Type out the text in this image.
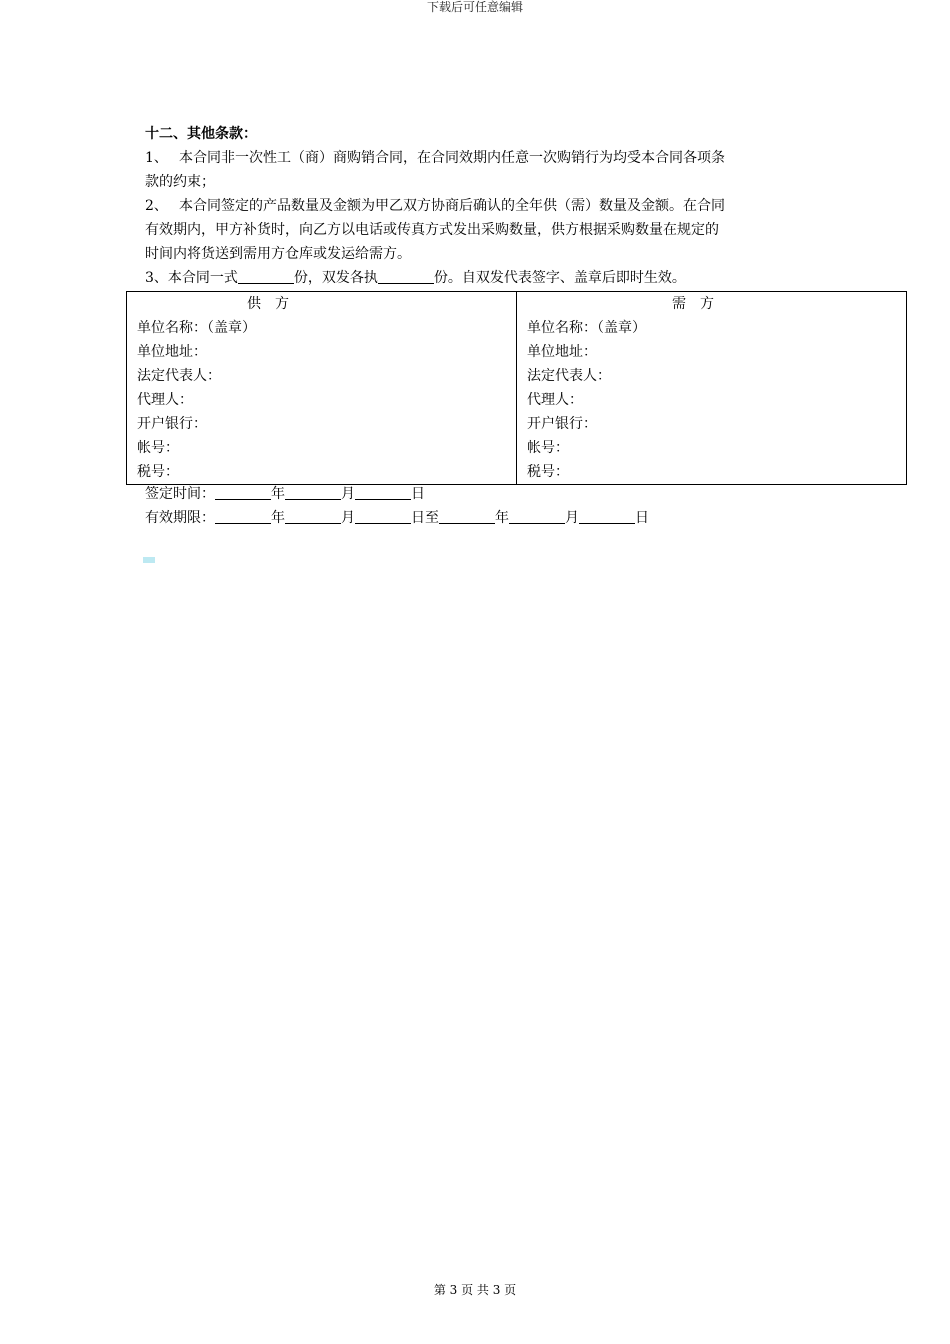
下载后可任意编辑
十二、其他条款：
1、 本合同非一次性工（商）商购销合同，在合同效期内任意一次购销行为均受本合同各项条
款的约束；
2、 本合同签定的产品数量及金额为甲乙双方协商后确认的全年供（需）数量及金额。在合同
有效期内，甲方补货时，向乙方以电话或传真方式发出采购数量，供方根据采购数量在规定的
时间内将货送到需用方仓库或发运给需方。
3、本合同一式	份，双发各执	份。自双发代表签字、盖章后即时生效。
供　方
单位名称：（盖章）
单位地址：
法定代表人：
代理人：
开户银行：
帐号：
税号：

需　方
单位名称：（盖章）
单位地址：
法定代表人：
代理人：
开户银行：
帐号：
税号：
签定时间：	年	月	日
有效期限：	年	月	日至	年	月	日
第 3 页 共 3 页
